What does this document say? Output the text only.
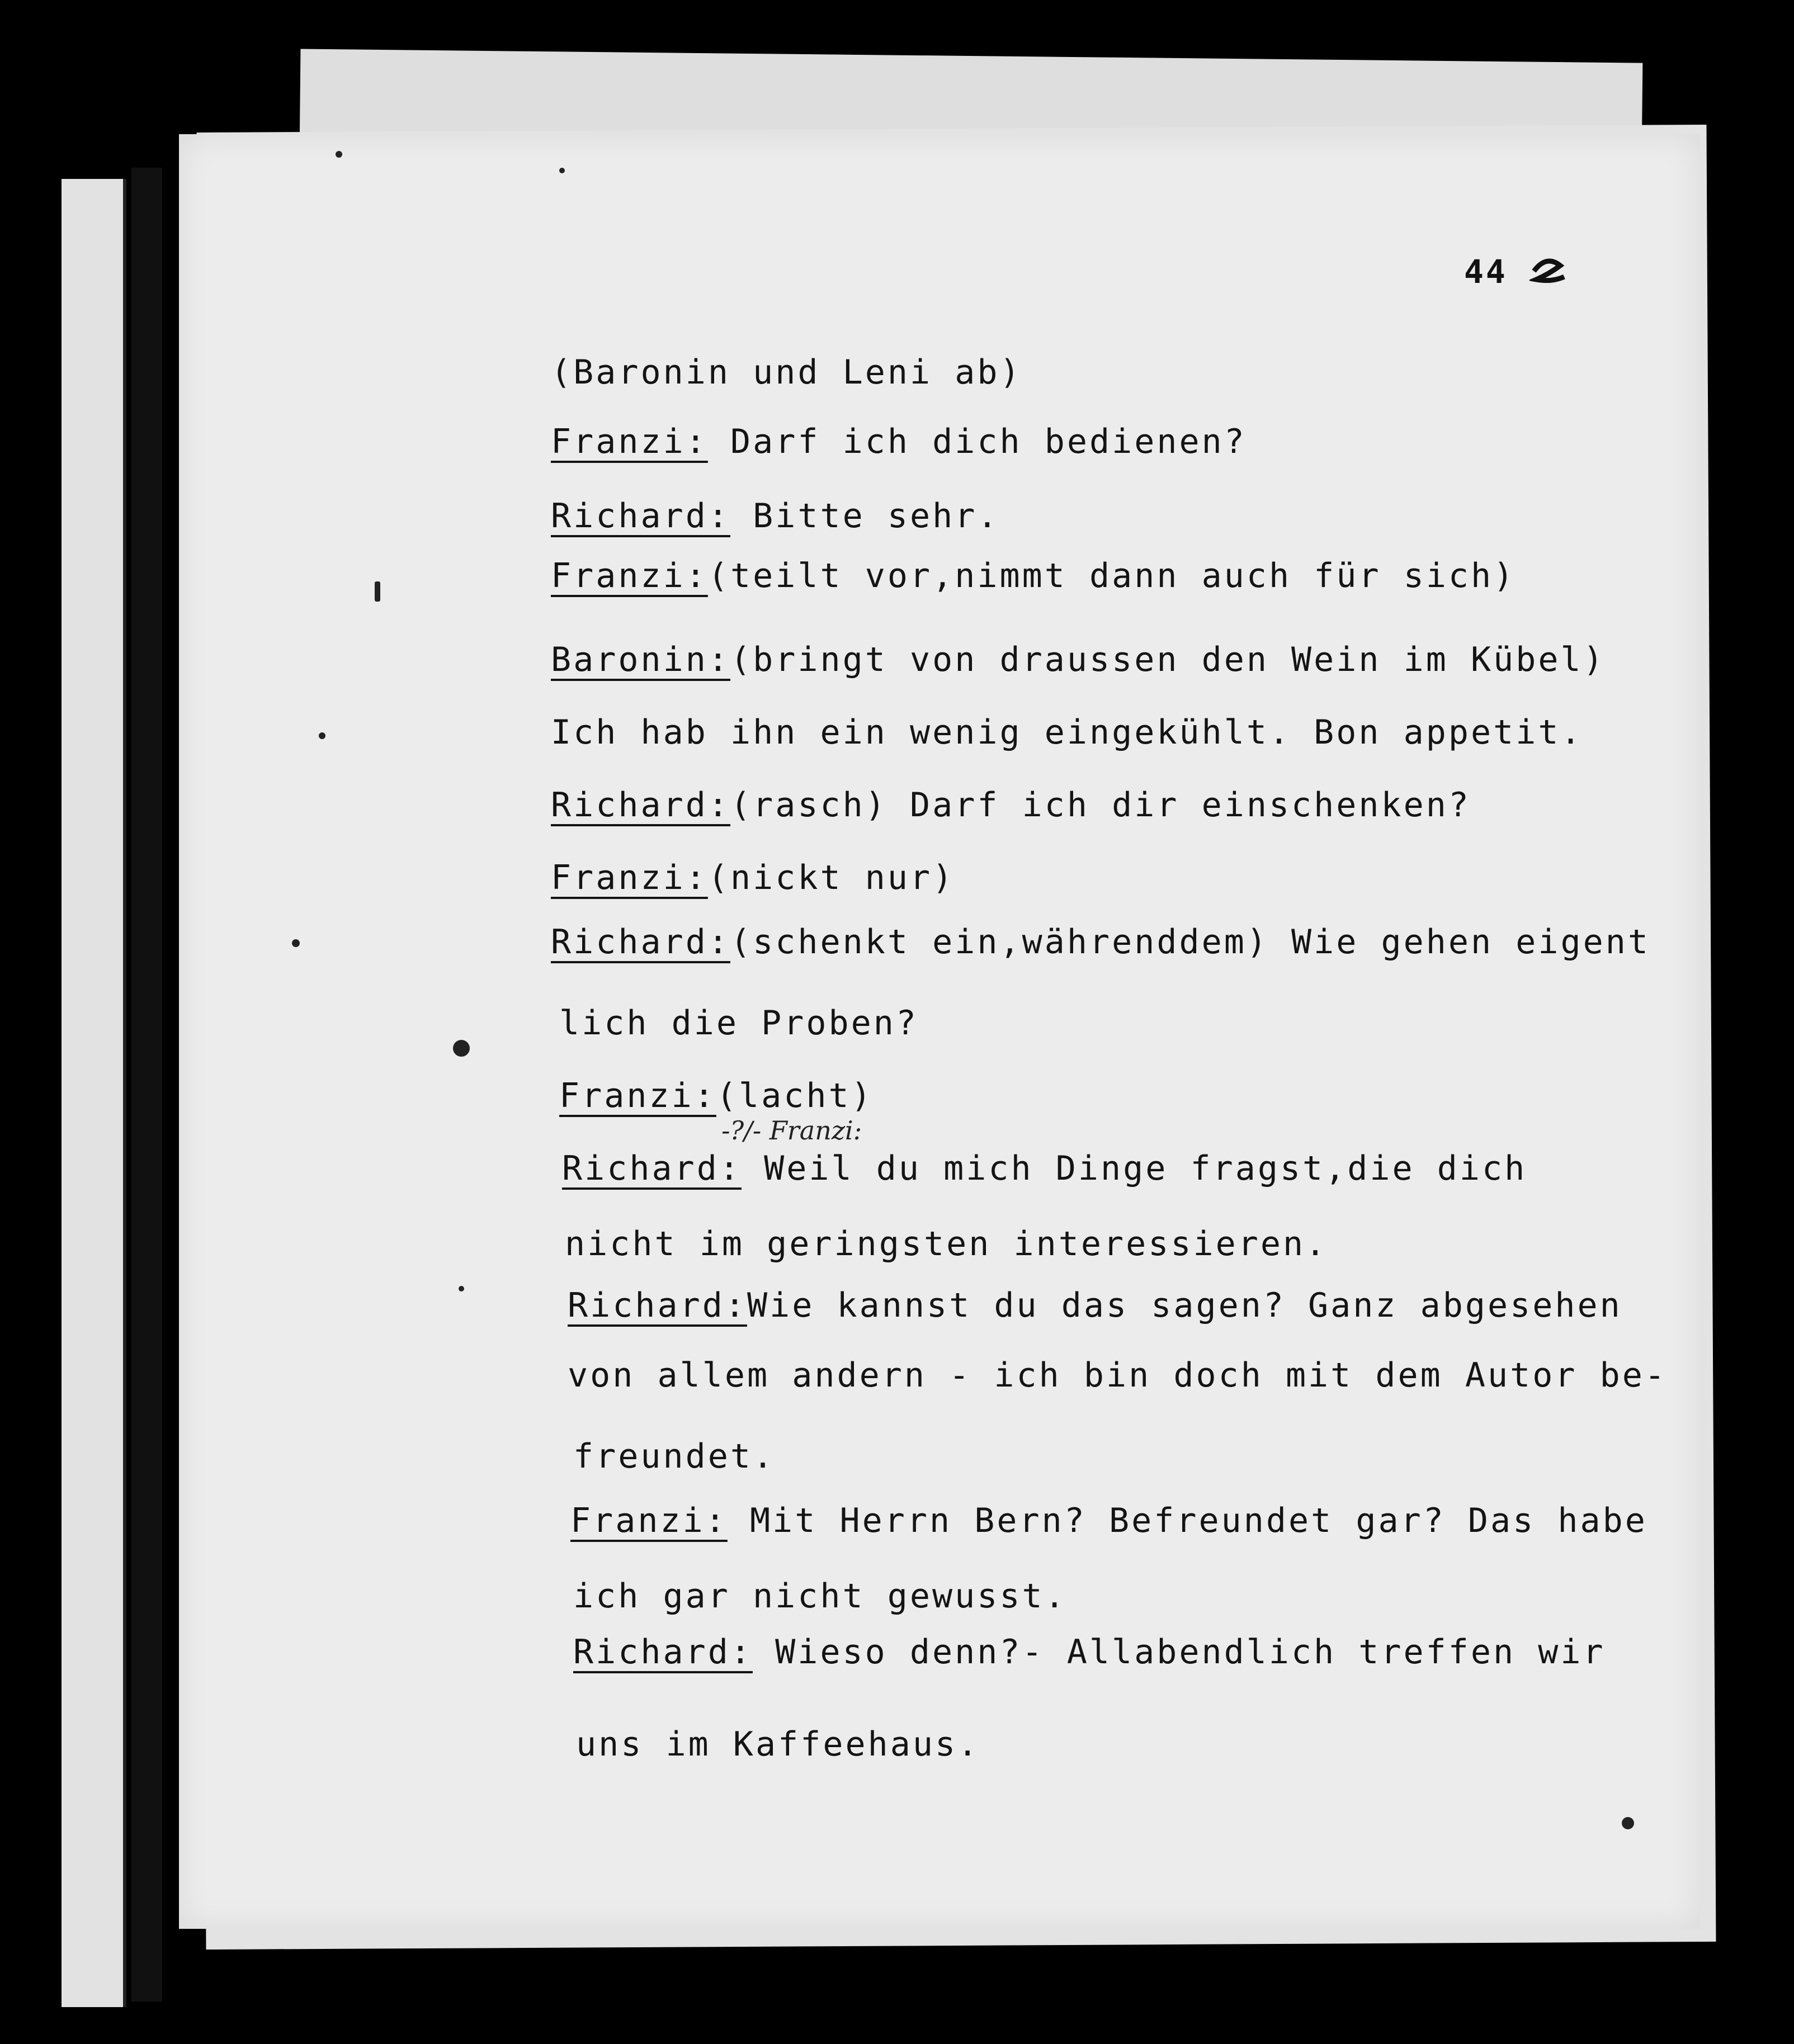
44
(Baronin und Leni ab)
Franzi: Darf ich dich bedienen?
Richard: Bitte sehr.
Franzi:(teilt vor,nimmt dann auch für sich)
Baronin:(bringt von draussen den Wein im Kübel)
Ich hab ihn ein wenig eingekühlt. Bon appetit.
Richard:(rasch) Darf ich dir einschenken?
Franzi:(nickt nur)
Richard:(schenkt ein,währenddem) Wie gehen eigent
lich die Proben?
Franzi:(lacht)
-?/- Franzi:
Richard: Weil du mich Dinge fragst,die dich
nicht im geringsten interessieren.
Richard:Wie kannst du das sagen? Ganz abgesehen
von allem andern - ich bin doch mit dem Autor be-
freundet.
Franzi: Mit Herrn Bern? Befreundet gar? Das habe
ich gar nicht gewusst.
Richard: Wieso denn?- Allabendlich treffen wir
uns im Kaffeehaus.
